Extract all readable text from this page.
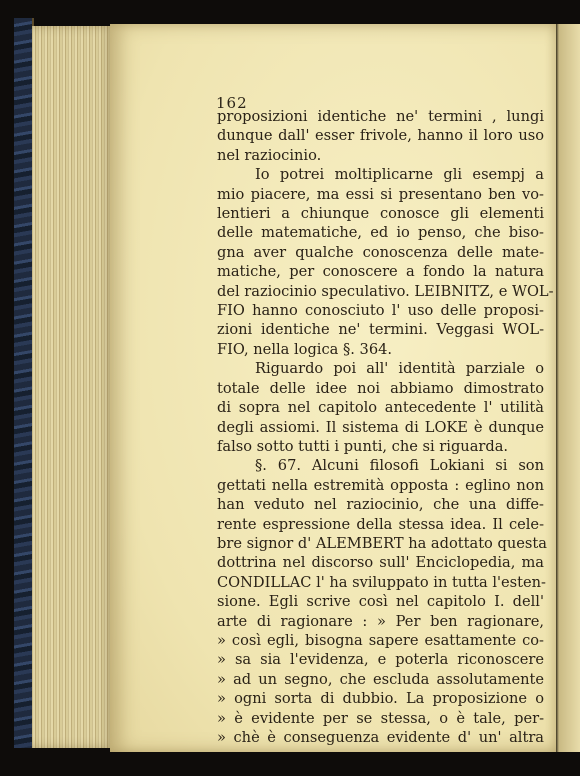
162
proposizioni identiche ne' termini , lungi
dunque dall' esser frivole, hanno il loro uso
nel raziocinio.
Io potrei moltiplicarne gli esempj a
mio piacere, ma essi si presentano ben vo-
lentieri a chiunque conosce gli elementi
delle matematiche, ed io penso, che biso-
gna aver qualche conoscenza delle mate-
matiche, per conoscere a fondo la natura
del raziocinio speculativo. LEIBNITZ, e WOL-
FIO hanno conosciuto l' uso delle proposi-
zioni identiche ne' termini. Veggasi WOL-
FIO, nella logica §. 364.
Riguardo poi all' identità parziale o
totale delle idee noi abbiamo dimostrato
di sopra nel capitolo antecedente l' utilità
degli assiomi. Il sistema di LOKE è dunque
falso sotto tutti i punti, che si riguarda.
§. 67. Alcuni filosofi Lokiani si son
gettati nella estremità opposta : eglino non
han veduto nel raziocinio, che una diffe-
rente espressione della stessa idea. Il cele-
bre signor d' ALEMBERT ha adottato questa
dottrina nel discorso sull' Enciclopedia, ma
CONDILLAC l' ha sviluppato in tutta l'esten-
sione. Egli scrive così nel capitolo I. dell'
arte di ragionare : » Per ben ragionare,
» così egli, bisogna sapere esattamente co-
» sa sia l'evidenza, e poterla riconoscere
» ad un segno, che escluda assolutamente
» ogni sorta di dubbio. La proposizione o
» è evidente per se stessa, o è tale, per-
» chè è conseguenza evidente d' un' altra
